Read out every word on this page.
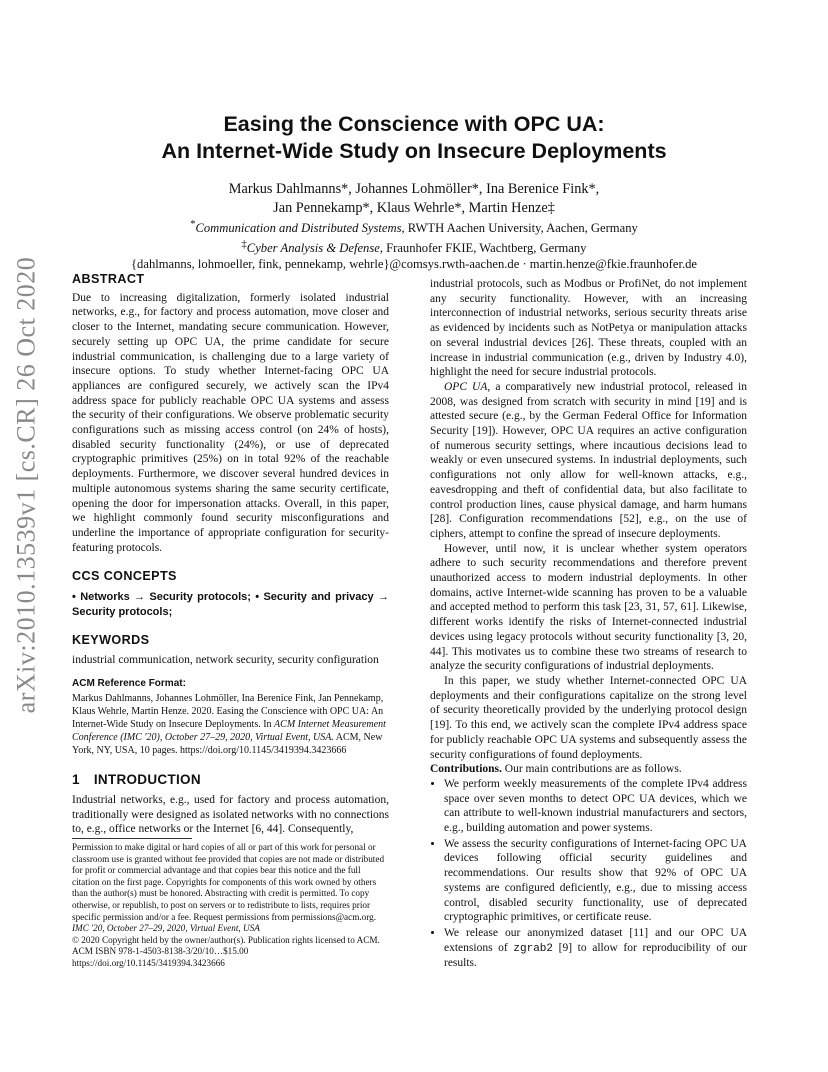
arXiv:2010.13539v1 [cs.CR] 26 Oct 2020
Easing the Conscience with OPC UA:
An Internet-Wide Study on Insecure Deployments
Markus Dahlmanns*, Johannes Lohmöller*, Ina Berenice Fink*,
Jan Pennekamp*, Klaus Wehrle*, Martin Henze‡
*Communication and Distributed Systems, RWTH Aachen University, Aachen, Germany
‡Cyber Analysis & Defense, Fraunhofer FKIE, Wachtberg, Germany
{dahlmanns, lohmoeller, fink, pennekamp, wehrle}@comsys.rwth-aachen.de · martin.henze@fkie.fraunhofer.de
ABSTRACT

Due to increasing digitalization, formerly isolated industrial networks, e.g., for factory and process automation, move closer and closer to the Internet, mandating secure communication. However, securely setting up OPC UA, the prime candidate for secure industrial communication, is challenging due to a large variety of insecure options. To study whether Internet-facing OPC UA appliances are configured securely, we actively scan the IPv4 address space for publicly reachable OPC UA systems and assess the security of their configurations. We observe problematic security configurations such as missing access control (on 24% of hosts), disabled security functionality (24%), or use of deprecated cryptographic primitives (25%) on in total 92% of the reachable deployments. Furthermore, we discover several hundred devices in multiple autonomous systems sharing the same security certificate, opening the door for impersonation attacks. Overall, in this paper, we highlight commonly found security misconfigurations and underline the importance of appropriate configuration for security-featuring protocols.

CCS CONCEPTS

• Networks → Security protocols; • Security and privacy → Security protocols;

KEYWORDS

industrial communication, network security, security configuration

ACM Reference Format:

Markus Dahlmanns, Johannes Lohmöller, Ina Berenice Fink, Jan Pennekamp, Klaus Wehrle, Martin Henze. 2020. Easing the Conscience with OPC UA: An Internet-Wide Study on Insecure Deployments. In ACM Internet Measurement Conference (IMC '20), October 27–29, 2020, Virtual Event, USA. ACM, New York, NY, USA, 10 pages. https://doi.org/10.1145/3419394.3423666

1 INTRODUCTION

Industrial networks, e.g., used for factory and process automation, traditionally were designed as isolated networks with no connections to, e.g., office networks or the Internet [6, 44]. Consequently,

Permission to make digital or hard copies of all or part of this work for personal or classroom use is granted without fee provided that copies are not made or distributed for profit or commercial advantage and that copies bear this notice and the full citation on the first page. Copyrights for components of this work owned by others than the author(s) must be honored. Abstracting with credit is permitted. To copy otherwise, or republish, to post on servers or to redistribute to lists, requires prior specific permission and/or a fee. Request permissions from permissions@acm.org.

IMC '20, October 27–29, 2020, Virtual Event, USA

© 2020 Copyright held by the owner/author(s). Publication rights licensed to ACM.

ACM ISBN 978-1-4503-8138-3/20/10…$15.00

https://doi.org/10.1145/3419394.3423666

industrial protocols, such as Modbus or ProfiNet, do not implement any security functionality. However, with an increasing interconnection of industrial networks, serious security threats arise as evidenced by incidents such as NotPetya or manipulation attacks on several industrial devices [26]. These threats, coupled with an increase in industrial communication (e.g., driven by Industry 4.0), highlight the need for secure industrial protocols.

OPC UA, a comparatively new industrial protocol, released in 2008, was designed from scratch with security in mind [19] and is attested secure (e.g., by the German Federal Office for Information Security [19]). However, OPC UA requires an active configuration of numerous security settings, where incautious decisions lead to weakly or even unsecured systems. In industrial deployments, such configurations not only allow for well-known attacks, e.g., eavesdropping and theft of confidential data, but also facilitate to control production lines, cause physical damage, and harm humans [28]. Configuration recommendations [52], e.g., on the use of ciphers, attempt to confine the spread of insecure deployments.

However, until now, it is unclear whether system operators adhere to such security recommendations and therefore prevent unauthorized access to modern industrial deployments. In other domains, active Internet-wide scanning has proven to be a valuable and accepted method to perform this task [23, 31, 57, 61]. Likewise, different works identify the risks of Internet-connected industrial devices using legacy protocols without security functionality [3, 20, 44]. This motivates us to combine these two streams of research to analyze the security configurations of industrial deployments.

In this paper, we study whether Internet-connected OPC UA deployments and their configurations capitalize on the strong level of security theoretically provided by the underlying protocol design [19]. To this end, we actively scan the complete IPv4 address space for publicly reachable OPC UA systems and subsequently assess the security configurations of found deployments.

Contributions. Our main contributions are as follows.

• We perform weekly measurements of the complete IPv4 address space over seven months to detect OPC UA devices, which we can attribute to well-known industrial manufacturers and sectors, e.g., building automation and power systems.
• We assess the security configurations of Internet-facing OPC UA devices following official security guidelines and recommendations. Our results show that 92% of OPC UA systems are configured deficiently, e.g., due to missing access control, disabled security functionality, use of deprecated cryptographic primitives, or certificate reuse.
• We release our anonymized dataset [11] and our OPC UA extensions of zgrab2 [9] to allow for reproducibility of our results.
